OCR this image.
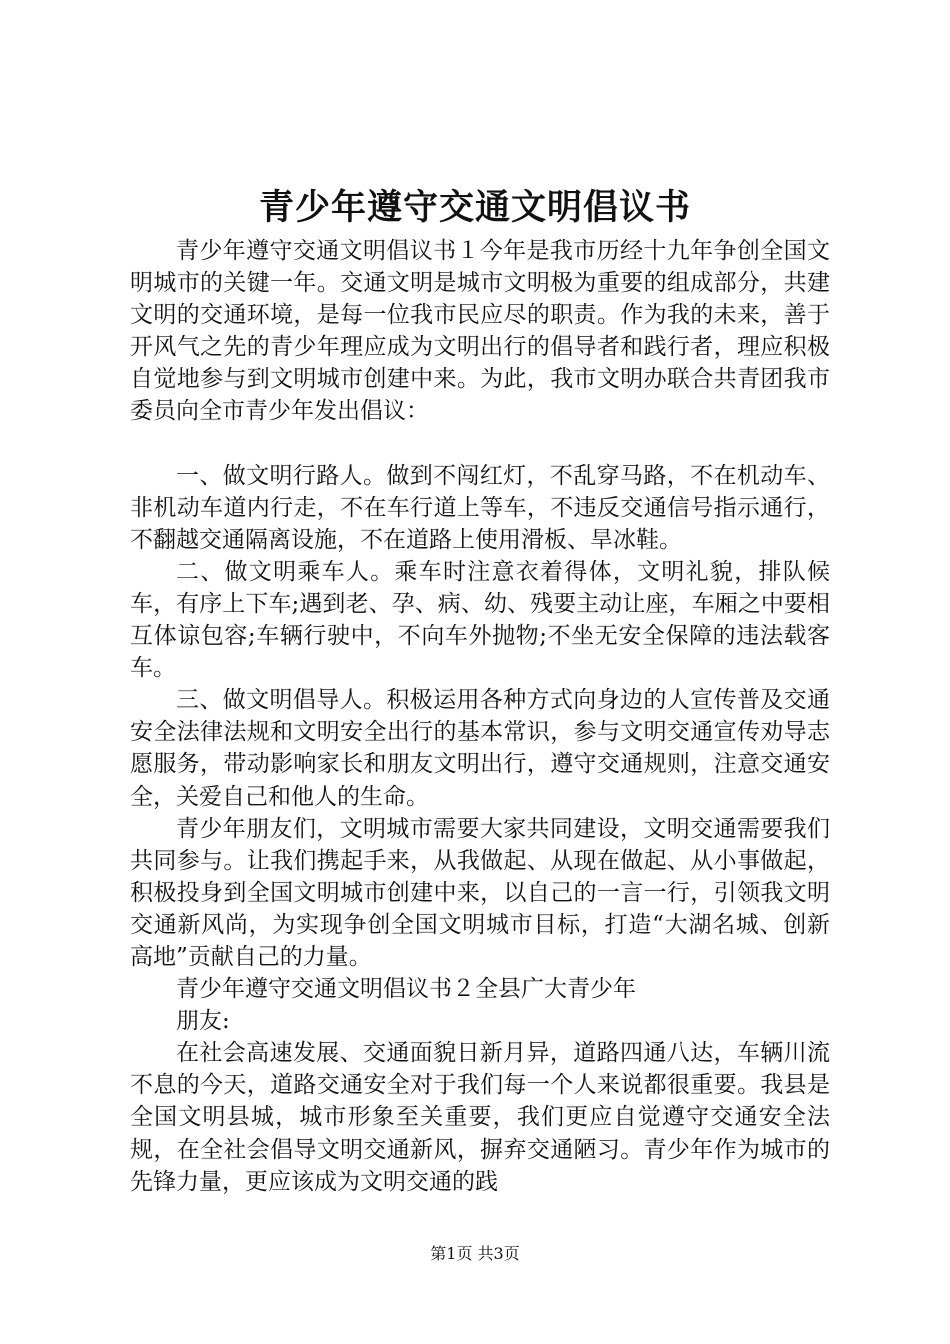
青少年遵守交通文明倡议书

青少年遵守交通文明倡议书１今年是我市历经十九年争创全国文明城市的关键一年。交通文明是城市文明极为重要的组成部分，共建文明的交通环境，是每一位我市民应尽的职责。作为我的未来，善于开风气之先的青少年理应成为文明出行的倡导者和践行者，理应积极自觉地参与到文明城市创建中来。为此，我市文明办联合共青团我市委员向全市青少年发出倡议：

一、做文明行路人。做到不闯红灯，不乱穿马路，不在机动车、非机动车道内行走，不在车行道上等车，不违反交通信号指示通行，不翻越交通隔离设施，不在道路上使用滑板、旱冰鞋。

二、做文明乘车人。乘车时注意衣着得体，文明礼貌，排队候车，有序上下车;遇到老、孕、病、幼、残要主动让座，车厢之中要相互体谅包容;车辆行驶中，不向车外抛物;不坐无安全保障的违法载客车。

三、做文明倡导人。积极运用各种方式向身边的人宣传普及交通安全法律法规和文明安全出行的基本常识，参与文明交通宣传劝导志愿服务，带动影响家长和朋友文明出行，遵守交通规则，注意交通安全，关爱自己和他人的生命。

青少年朋友们，文明城市需要大家共同建设，文明交通需要我们共同参与。让我们携起手来，从我做起、从现在做起、从小事做起，积极投身到全国文明城市创建中来，以自己的一言一行，引领我文明交通新风尚，为实现争创全国文明城市目标，打造“大湖名城、创新高地”贡献自己的力量。

青少年遵守交通文明倡议书２全县广大青少年

朋友:

在社会高速发展、交通面貌日新月异，道路四通八达，车辆川流不息的今天，道路交通安全对于我们每一个人来说都很重要。我县是全国文明县城，城市形象至关重要，我们更应自觉遵守交通安全法规，在全社会倡导文明交通新风，摒弃交通陋习。青少年作为城市的先锋力量，更应该成为文明交通的践

第1页 共3页
